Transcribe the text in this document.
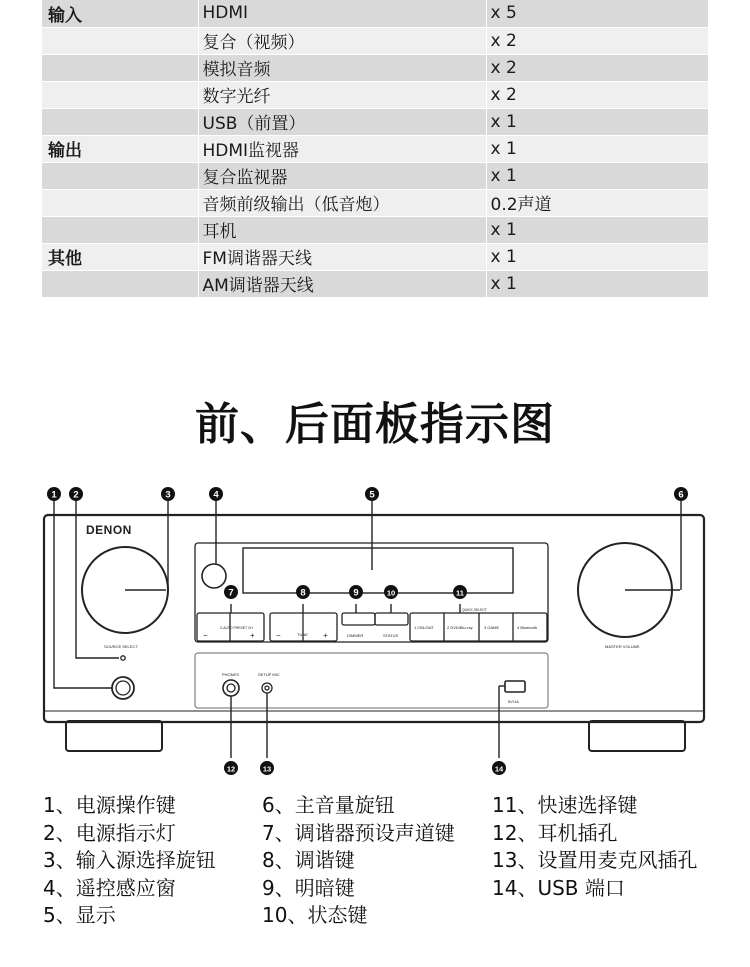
输入	HDMI	x 5
	复合（视频）	x 2
	模拟音频	x 2
	数字光纤	x 2
	USB（前置）	x 1
输出	HDMI监视器	x 1
	复合监视器	x 1
	音频前级输出（低音炮）	0.2声道
	耳机	x 1
其他	FM调谐器天线	x 1
	AM调谐器天线	x 1
前、后面板指示图
DENON
SOURCE SELECT	MASTER VOLUME
Z-AUTO PRESET CH
−	+	TUNE
−	+	DIMMER	STATUS
QUICK SELECT
1 CBL/SAT	2 DVD/Blu-ray	3 GAME	4 Bluetooth
PHONES	SETUP MIC
5V/1A
1 2	3	4	5	6
7	8	9	10	11
12	13	14
1、电源操作键
2、电源指示灯
3、输入源选择旋钮
4、遥控感应窗
5、显示
6、主音量旋钮
7、调谐器预设声道键
8、调谐键
9、明暗键
10、状态键
11、快速选择键
12、耳机插孔
13、设置用麦克风插孔
14、USB 端口
